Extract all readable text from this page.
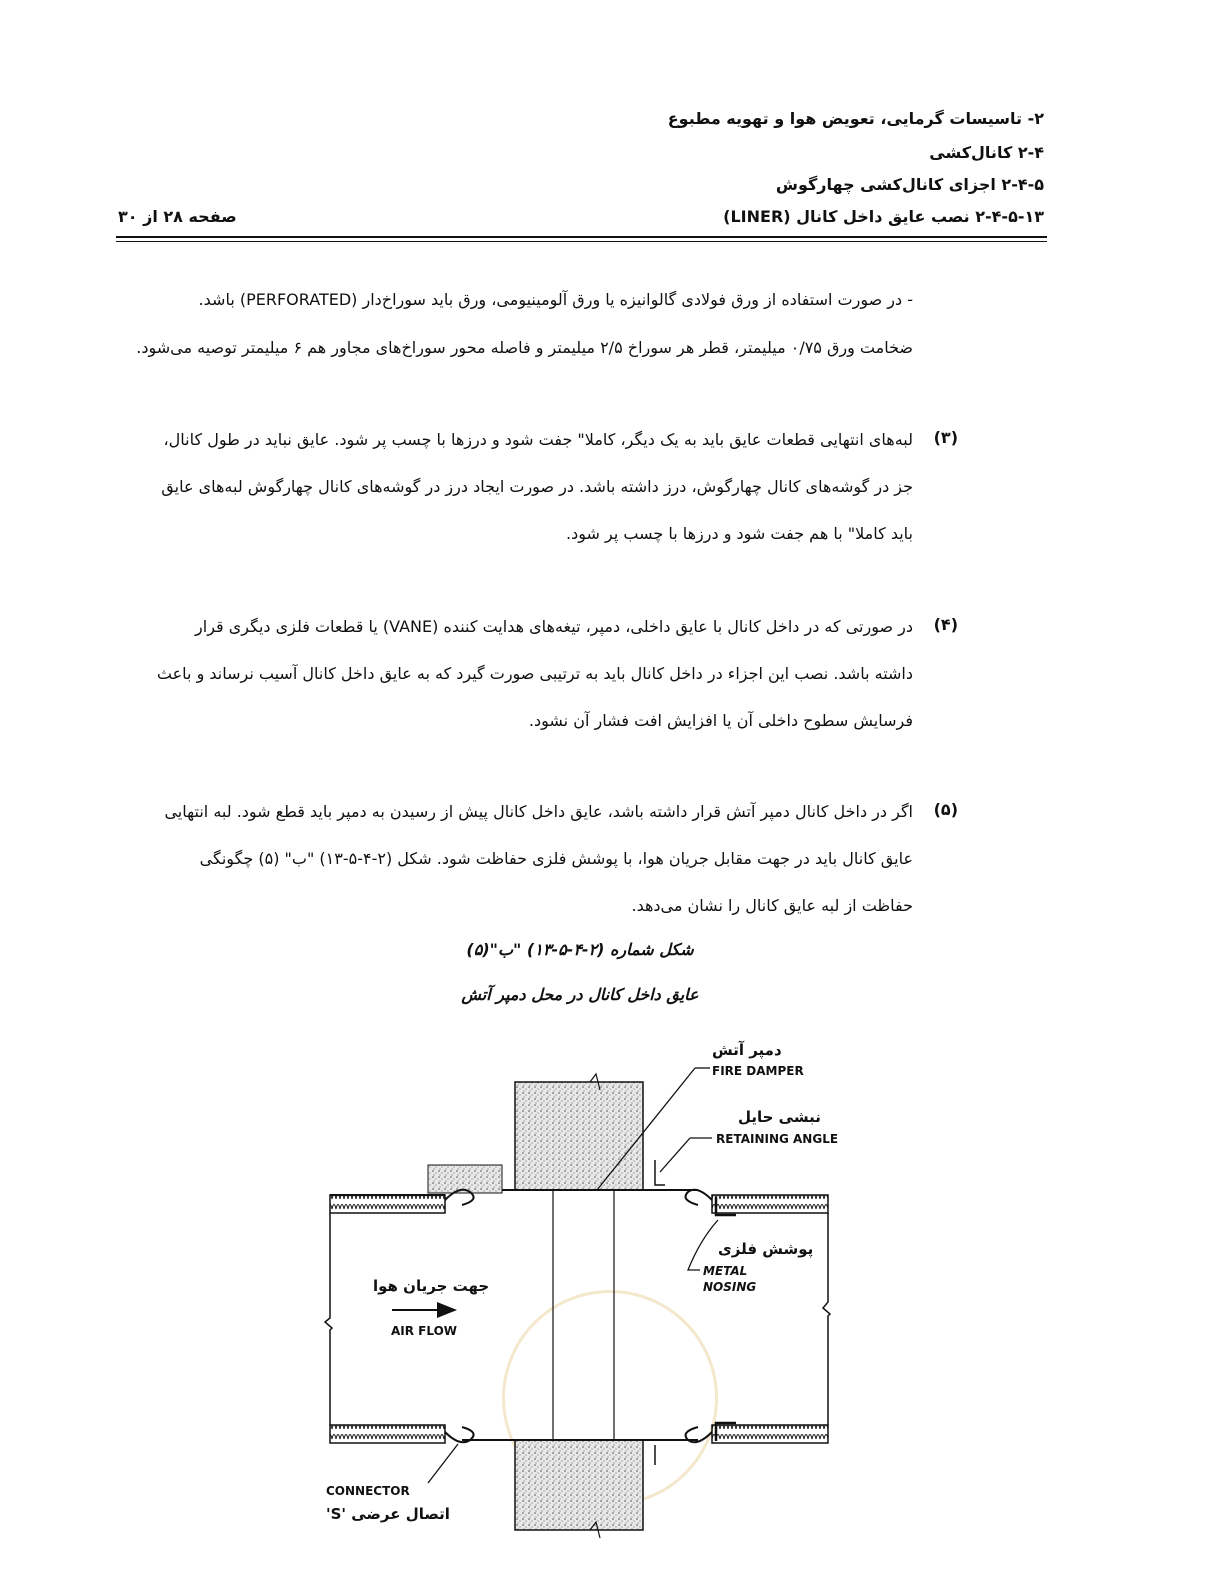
۲- تاسیسات گرمایی، تعویض هوا و تهویه مطبوع
۲-۴ کانال‌کشی
۲-۴-۵ اجزای کانال‌کشی چهارگوش
۲-۴-۵-۱۳ نصب عایق داخل کانال (LINER)
صفحه ۲۸ از ۳۰
- در صورت استفاده از ورق فولادی گالوانیزه یا ورق آلومینیومی، ورق باید سوراخ‌دار (PERFORATED) باشد.
ضخامت ورق ۰/۷۵ میلیمتر، قطر هر سوراخ ۲/۵ میلیمتر و فاصله محور سوراخ‌های مجاور هم ۶ میلیمتر توصیه می‌شود.
(۳)
لبه‌های انتهایی قطعات عایق باید به یک دیگر، کاملا" جفت شود و درزها با چسب پر شود. عایق نباید در طول کانال،
جز در گوشه‌های کانال چهارگوش، درز داشته باشد. در صورت ایجاد درز در گوشه‌های کانال چهارگوش لبه‌های عایق
باید کاملا" با هم جفت شود و درزها با چسب پر شود.
(۴)
در صورتی که در داخل کانال با عایق داخلی، دمپر، تیغه‌های هدایت کننده (VANE) یا قطعات فلزی دیگری قرار
داشته باشد. نصب این اجزاء در داخل کانال باید به ترتیبی صورت گیرد که به عایق داخل کانال آسیب نرساند و باعث
فرسایش سطوح داخلی آن یا افزایش افت فشار آن نشود.
(۵)
اگر در داخل کانال دمپر آتش قرار داشته باشد، عایق داخل کانال پیش از رسیدن به دمپر باید قطع شود. لبه انتهایی
عایق کانال باید در جهت مقابل جریان هوا، با پوشش فلزی حفاظت شود. شکل (۲-۴-۵-۱۳) "ب" (۵) چگونگی
حفاظت از لبه عایق کانال را نشان می‌دهد.
شکل شماره (۲-۴-۵-۱۳) "ب"(۵)
عایق داخل کانال در محل دمپر آتش
دمپر آتش
FIRE DAMPER
نبشی حایل
RETAINING ANGLE
پوشش فلزی
METAL
NOSING
جهت جریان هوا
AIR FLOW
CONNECTOR
اتصال عرضی 'S'
